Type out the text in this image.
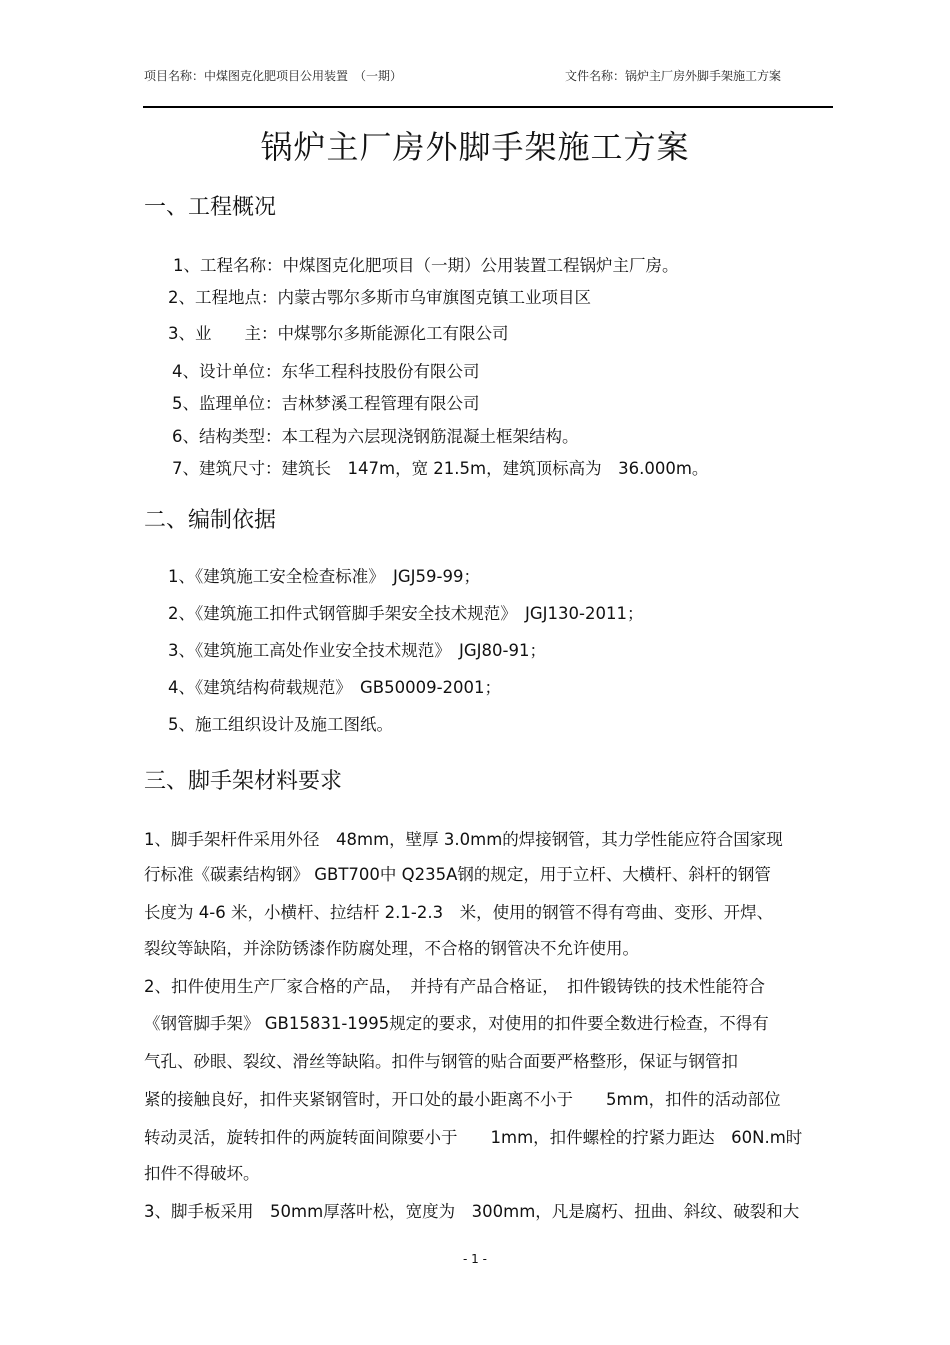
项目名称：中煤图克化肥项目公用装置　（一期）	文件名称：锅炉主厂房外脚手架施工方案
锅炉主厂房外脚手架施工方案
一、工程概况
1、工程名称：中煤图克化肥项目（一期）公用装置工程锅炉主厂房。
2、工程地点：内蒙古鄂尔多斯市乌审旗图克镇工业项目区
3、业　　主：中煤鄂尔多斯能源化工有限公司
4、设计单位：东华工程科技股份有限公司
5、监理单位：吉林梦溪工程管理有限公司
6、结构类型：本工程为六层现浇钢筋混凝土框架结构。
7、建筑尺寸：建筑长　147m，宽 21.5m，建筑顶标高为　36.000m。
二、编制依据
1、《建筑施工安全检查标准》　JGJ59-99；
2、《建筑施工扣件式钢管脚手架安全技术规范》　JGJ130-2011；
3、《建筑施工高处作业安全技术规范》　JGJ80-91；
4、《建筑结构荷载规范》　GB50009-2001；
5、施工组织设计及施工图纸。
三、脚手架材料要求
1、脚手架杆件采用外径　48mm，壁厚 3.0mm的焊接钢管，其力学性能应符合国家现
行标准《碳素结构钢》 GBT700中 Q235A钢的规定，用于立杆、大横杆、斜杆的钢管
长度为 4-6 米，小横杆、拉结杆 2.1-2.3　米，使用的钢管不得有弯曲、变形、开焊、
裂纹等缺陷，并涂防锈漆作防腐处理，不合格的钢管决不允许使用。
2、扣件使用生产厂家合格的产品，　并持有产品合格证，　扣件锻铸铁的技术性能符合
《钢管脚手架》 GB15831-1995规定的要求，对使用的扣件要全数进行检查，不得有
气孔、砂眼、裂纹、滑丝等缺陷。扣件与钢管的贴合面要严格整形，保证与钢管扣
紧的接触良好，扣件夹紧钢管时，开口处的最小距离不小于　　5mm，扣件的活动部位
转动灵活，旋转扣件的两旋转面间隙要小于　　1mm，扣件螺栓的拧紧力距达　60N.m时
扣件不得破坏。
3、脚手板采用　50mm厚落叶松，宽度为　300mm，凡是腐朽、扭曲、斜纹、破裂和大
- 1 -
